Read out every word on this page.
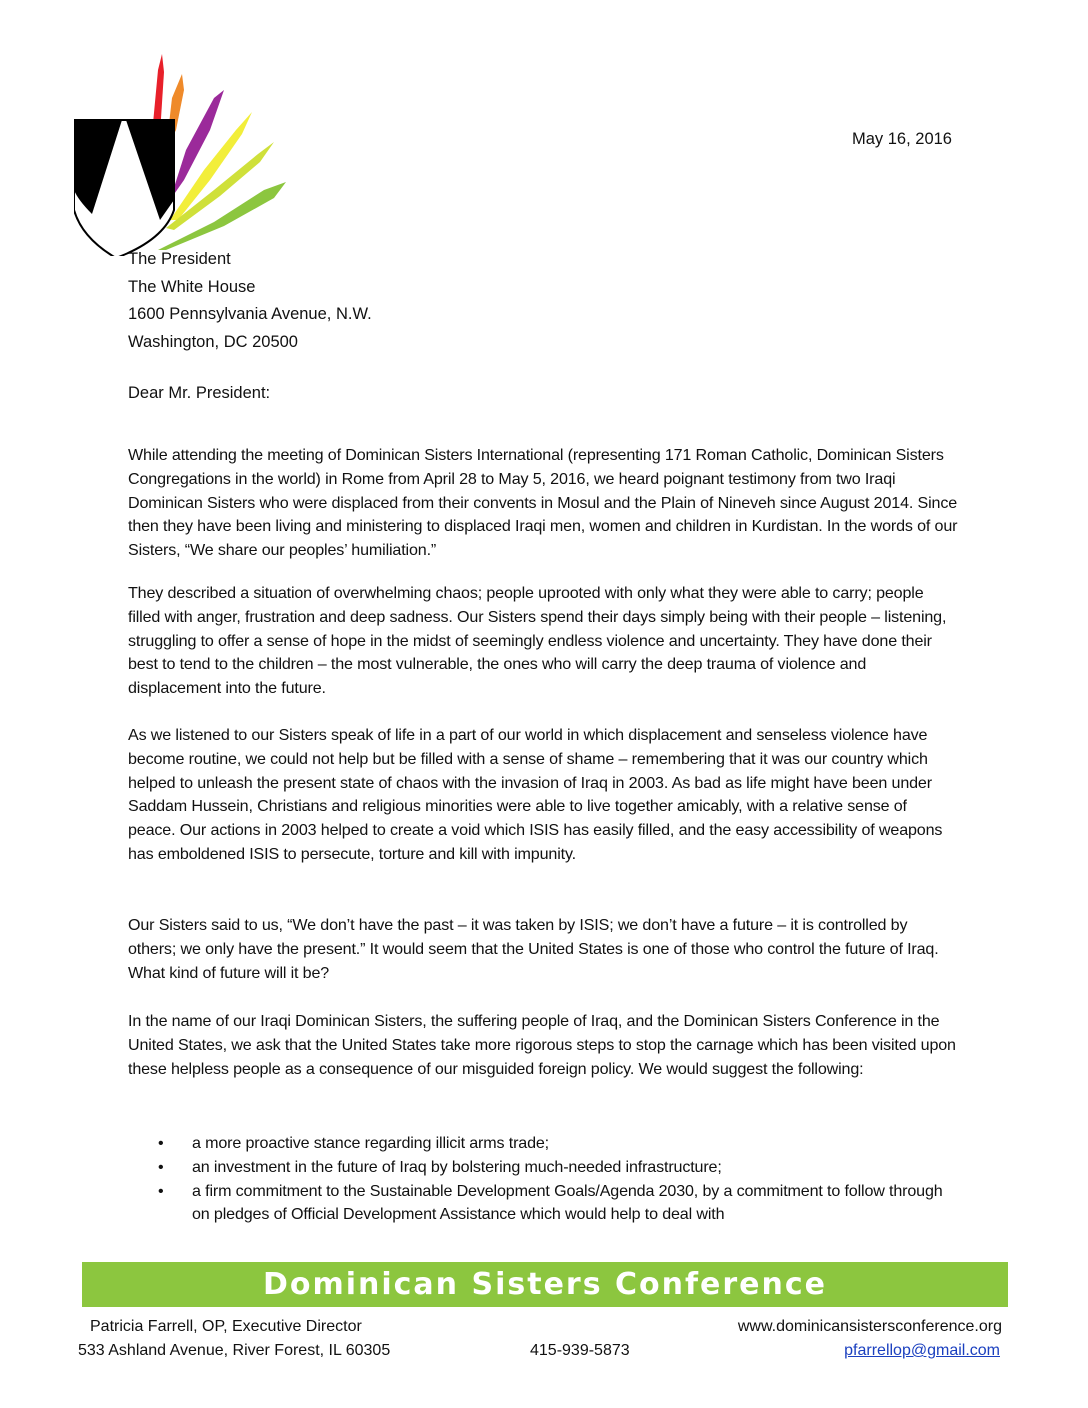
May 16, 2016
The President
The White House
1600 Pennsylvania Avenue, N.W.
Washington, DC 20500
Dear Mr. President:
While attending the meeting of Dominican Sisters International (representing 171 Roman Catholic, Dominican Sisters Congregations in the world) in Rome from April 28 to May 5, 2016, we heard poignant testimony from two Iraqi Dominican Sisters who were displaced from their convents in Mosul and the Plain of Nineveh since August 2014. Since then they have been living and ministering to displaced Iraqi men, women and children in Kurdistan. In the words of our Sisters, “We share our peoples’ humiliation.”
They described a situation of overwhelming chaos; people uprooted with only what they were able to carry; people filled with anger, frustration and deep sadness. Our Sisters spend their days simply being with their people – listening, struggling to offer a sense of hope in the midst of seemingly endless violence and uncertainty. They have done their best to tend to the children – the most vulnerable, the ones who will carry the deep trauma of violence and displacement into the future.
As we listened to our Sisters speak of life in a part of our world in which displacement and senseless violence have become routine, we could not help but be filled with a sense of shame – remembering that it was our country which helped to unleash the present state of chaos with the invasion of Iraq in 2003. As bad as life might have been under Saddam Hussein, Christians and religious minorities were able to live together amicably, with a relative sense of peace. Our actions in 2003 helped to create a void which ISIS has easily filled, and the easy accessibility of weapons has emboldened ISIS to persecute, torture and kill with impunity.
Our Sisters said to us, “We don’t have the past – it was taken by ISIS; we don’t have a future – it is controlled by others; we only have the present.” It would seem that the United States is one of those who control the future of Iraq. What kind of future will it be?
In the name of our Iraqi Dominican Sisters, the suffering people of Iraq, and the Dominican Sisters Conference in the United States, we ask that the United States take more rigorous steps to stop the carnage which has been visited upon these helpless people as a consequence of our misguided foreign policy. We would suggest the following:
• a more proactive stance regarding illicit arms trade;
• an investment in the future of Iraq by bolstering much-needed infrastructure;
• a firm commitment to the Sustainable Development Goals/Agenda 2030, by a commitment to follow through on pledges of Official Development Assistance which would help to deal with
Dominican Sisters Conference
Patricia Farrell, OP, Executive Director
533 Ashland Avenue, River Forest, IL 60305	415-939-5873
www.dominicansistersconference.org
pfarrellop@gmail.com
